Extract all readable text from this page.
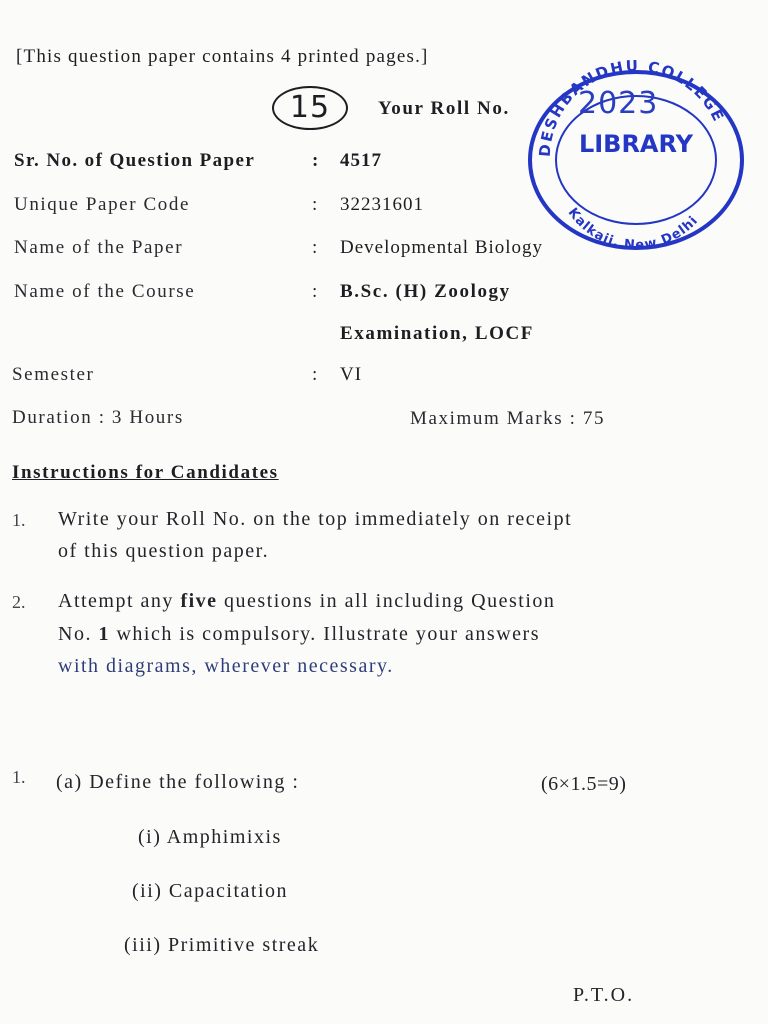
[This question paper contains 4 printed pages.]
15	Your Roll No.
DESHBANDHU COLLEGE
Kalkaji, New Delhi
LIBRARY
2023
Sr. No. of Question Paper	: 4517
Unique Paper Code	: 32231601
Name of the Paper	: Developmental Biology
Name of the Course	: B.Sc. (H) Zoology
Examination, LOCF
Semester	: VI
Duration : 3 Hours	Maximum Marks : 75
Instructions for Candidates
1. Write your Roll No. on the top immediately on receipt
of this question paper.
2. Attempt any five questions in all including Question
No. 1 which is compulsory. Illustrate your answers
with diagrams, wherever necessary.
1. (a) Define the following :	(6×1.5=9)
(i) Amphimixis
(ii) Capacitation
(iii) Primitive streak
P.T.O.
